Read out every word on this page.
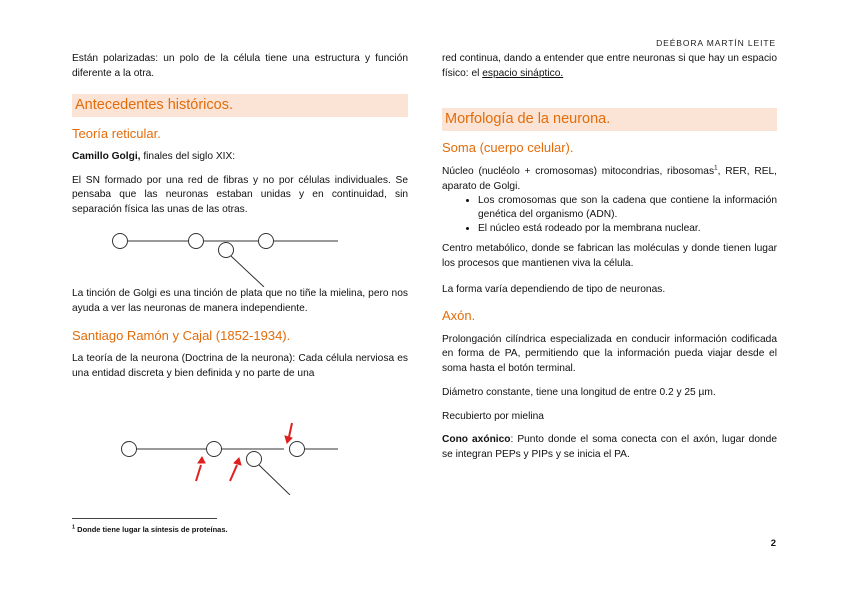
DEÉBORA MARTÍN LEITE

Están polarizadas: un polo de la célula tiene una estructura y función diferente a la otra.

Antecedentes históricos.
Teoría reticular.

Camillo Golgi, finales del siglo XIX:

El SN formado por una red de fibras y no por células individuales. Se pensaba que las neuronas estaban unidas y en continuidad, sin separación física las unas de las otras.

La tinción de Golgi es una tinción de plata que no tiñe la mielina, pero nos ayuda a ver las neuronas de manera independiente.

Santiago Ramón y Cajal (1852-1934).

La teoría de la neurona (Doctrina de la neurona): Cada célula nerviosa es una entidad discreta y bien definida y no parte de una

red continua, dando a entender que entre neuronas si que hay un espacio físico: el espacio sináptico.

Morfología de la neurona.
Soma (cuerpo celular).

Núcleo (nucléolo + cromosomas) mitocondrias, ribosomas$^1$, RER, REL, aparato de Golgi.

• Los cromosomas que son la cadena que contiene la información genética del organismo (ADN).
• El núcleo está rodeado por la membrana nuclear.

Centro metabólico, donde se fabrican las moléculas y donde tienen lugar los procesos que mantienen viva la célula.

La forma varía dependiendo de tipo de neuronas.

Axón.

Prolongación cilíndrica especializada en conducir información codificada en forma de PA, permitiendo que la información pueda viajar desde el soma hasta el botón terminal.

Diámetro constante, tiene una longitud de entre 0.2 y 25 µm.

Recubierto por mielina

Cono axónico: Punto donde el soma conecta con el axón, lugar donde se integran PEPs y PIPs y se inicia el PA.

$^1$ Donde tiene lugar la síntesis de proteínas.
2
